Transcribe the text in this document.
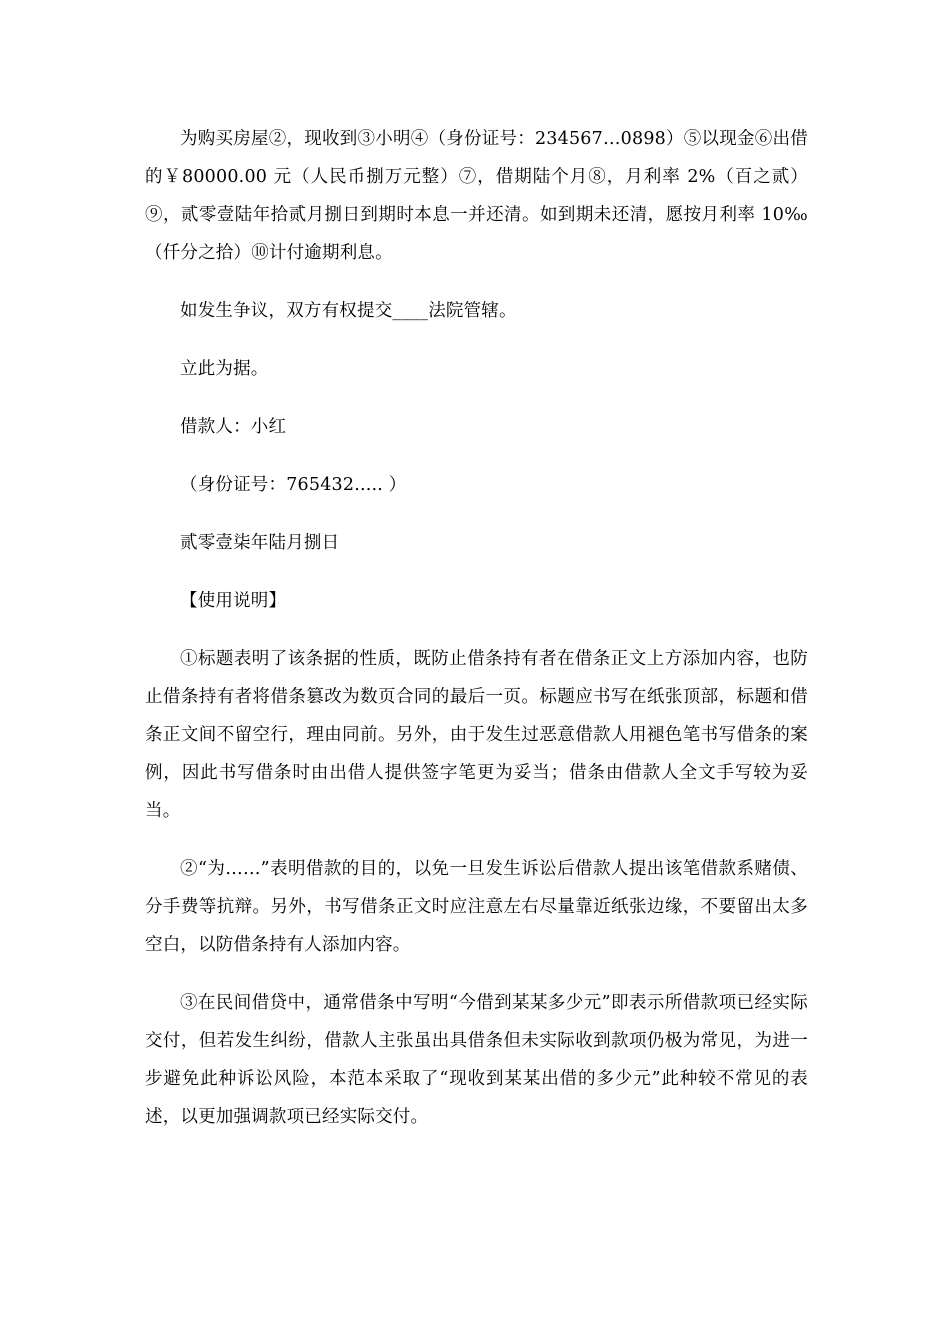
为购买房屋②，现收到③小明④（身份证号：234567…0898）⑤以现金⑥出借的￥80000.00 元（人民币捌万元整）⑦，借期陆个月⑧，月利率 2%（百之贰）⑨，贰零壹陆年拾贰月捌日到期时本息一并还清。如到期未还清，愿按月利率 10‰（仟分之拾）⑩计付逾期利息。

如发生争议，双方有权提交____法院管辖。

立此为据。

借款人：小红

（身份证号：765432..... ）

贰零壹柒年陆月捌日

【使用说明】

①标题表明了该条据的性质，既防止借条持有者在借条正文上方添加内容，也防止借条持有者将借条篡改为数页合同的最后一页。标题应书写在纸张顶部，标题和借条正文间不留空行，理由同前。另外，由于发生过恶意借款人用褪色笔书写借条的案例，因此书写借条时由出借人提供签字笔更为妥当；借条由借款人全文手写较为妥当。

②“为……”表明借款的目的，以免一旦发生诉讼后借款人提出该笔借款系赌债、分手费等抗辩。另外，书写借条正文时应注意左右尽量靠近纸张边缘，不要留出太多空白，以防借条持有人添加内容。

③在民间借贷中，通常借条中写明“今借到某某多少元”即表示所借款项已经实际交付，但若发生纠纷，借款人主张虽出具借条但未实际收到款项仍极为常见，为进一步避免此种诉讼风险，本范本采取了“现收到某某出借的多少元”此种较不常见的表述，以更加强调款项已经实际交付。
